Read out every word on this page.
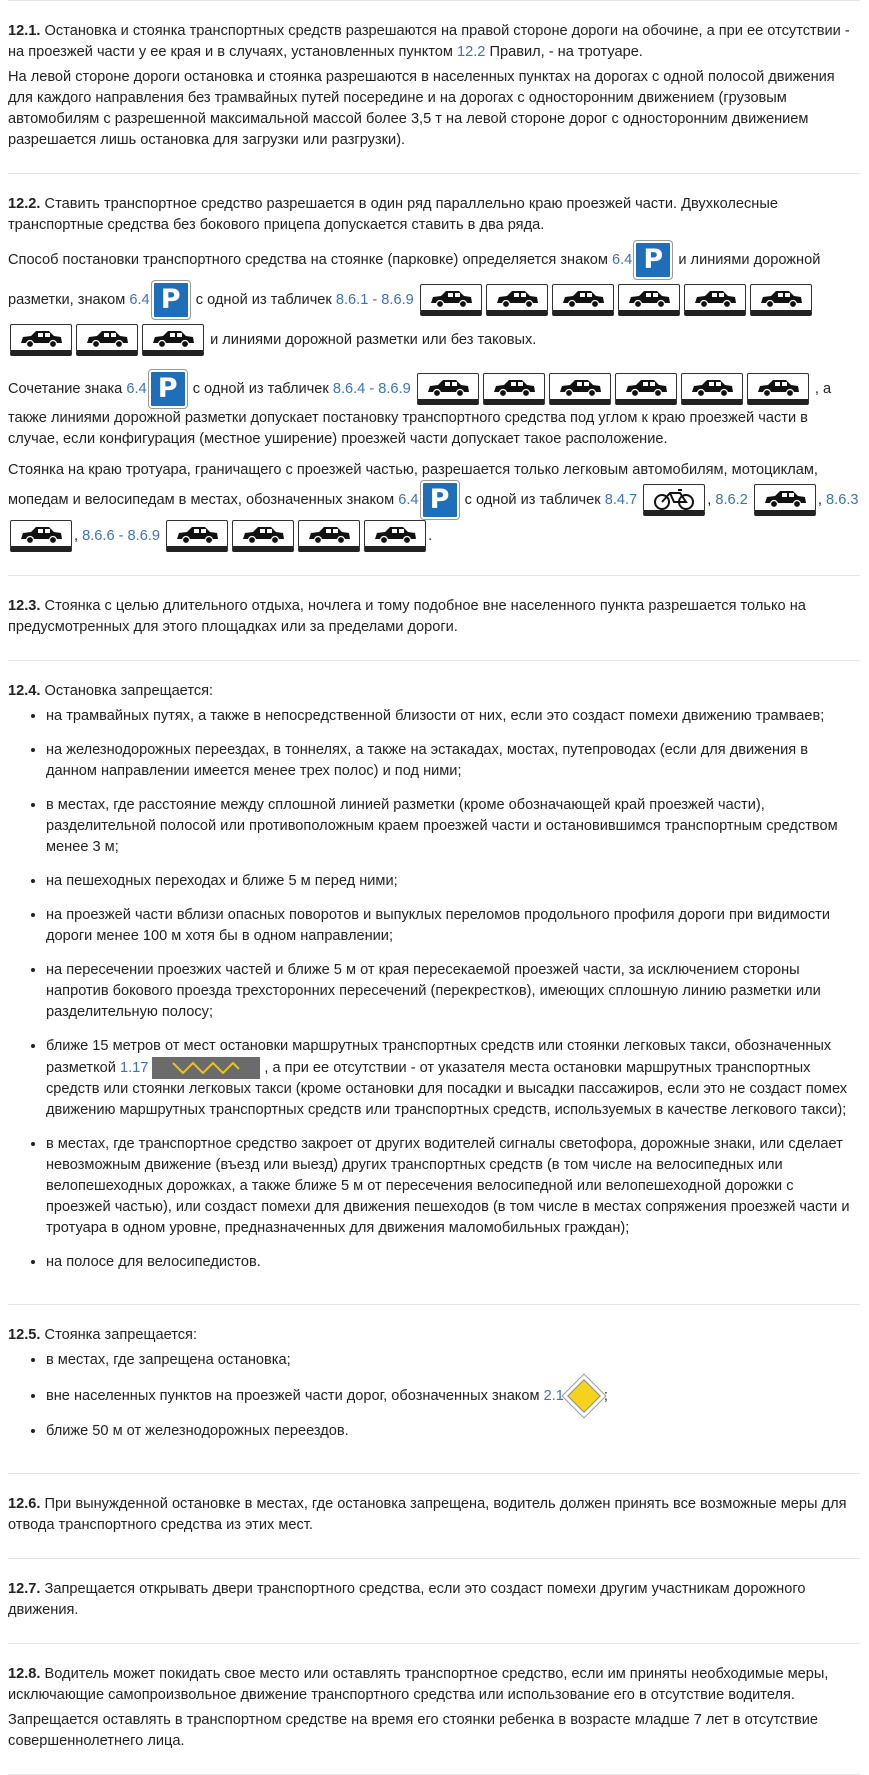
12.1. Остановка и стоянка транспортных средств разрешаются на правой стороне дороги на обочине, а при ее отсутствии - на проезжей части у ее края и в случаях, установленных пунктом 12.2 Правил, - на тротуаре.

На левой стороне дороги остановка и стоянка разрешаются в населенных пунктах на дорогах с одной полосой движения для каждого направления без трамвайных путей посередине и на дорогах с односторонним движением (грузовым автомобилям с разрешенной максимальной массой более 3,5 т на левой стороне дорог с односторонним движением разрешается лишь остановка для загрузки или разгрузки).

12.2. Ставить транспортное средство разрешается в один ряд параллельно краю проезжей части. Двухколесные транспортные средства без бокового прицепа допускается ставить в два ряда.

Способ постановки транспортного средства на стоянке (парковке) определяется знаком 6.4 P и линиями дорожной разметки, знаком 6.4 P с одной из табличек 8.6.1 - 8.6.9
и линиями дорожной разметки или без таковых.

Сочетание знака 6.4 P с одной из табличек 8.6.4 - 8.6.9	, а также линиями дорожной разметки допускает постановку транспортного средства под углом к краю проезжей части в случае, если конфигурация (местное уширение) проезжей части допускает такое расположение.

Стоянка на краю тротуара, граничащего с проезжей частью, разрешается только легковым автомобилям, мотоциклам, мопедам и велосипедам в местах, обозначенных знаком 6.4 P с одной из табличек 8.4.7	, 8.6.2	, 8.6.3
, 8.6.6 - 8.6.9	.

12.3. Стоянка с целью длительного отдыха, ночлега и тому подобное вне населенного пункта разрешается только на предусмотренных для этого площадках или за пределами дороги.

12.4. Остановка запрещается:

• на трамвайных путях, а также в непосредственной близости от них, если это создаст помехи движению трамваев;
• на железнодорожных переездах, в тоннелях, а также на эстакадах, мостах, путепроводах (если для движения в данном направлении имеется менее трех полос) и под ними;
• в местах, где расстояние между сплошной линией разметки (кроме обозначающей край проезжей части), разделительной полосой или противоположным краем проезжей части и остановившимся транспортным средством менее 3 м;
• на пешеходных переходах и ближе 5 м перед ними;
• на проезжей части вблизи опасных поворотов и выпуклых переломов продольного профиля дороги при видимости дороги менее 100 м хотя бы в одном направлении;
• на пересечении проезжих частей и ближе 5 м от края пересекаемой проезжей части, за исключением стороны напротив бокового проезда трехсторонних пересечений (перекрестков), имеющих сплошную линию разметки или разделительную полосу;
• ближе 15 метров от мест остановки маршрутных транспортных средств или стоянки легковых такси, обозначенных разметкой 1.17	, а при ее отсутствии - от указателя места остановки маршрутных транспортных средств или стоянки легковых такси (кроме остановки для посадки и высадки пассажиров, если это не создаст помех движению маршрутных транспортных средств или транспортных средств, используемых в качестве легкового такси);
• в местах, где транспортное средство закроет от других водителей сигналы светофора, дорожные знаки, или сделает невозможным движение (въезд или выезд) других транспортных средств (в том числе на велосипедных или велопешеходных дорожках, а также ближе 5 м от пересечения велосипедной или велопешеходной дорожки с проезжей частью), или создаст помехи для движения пешеходов (в том числе в местах сопряжения проезжей части и тротуара в одном уровне, предназначенных для движения маломобильных граждан);
• на полосе для велосипедистов.

12.5. Стоянка запрещается:

• в местах, где запрещена остановка;
• вне населенных пунктов на проезжей части дорог, обозначенных знаком 2.1	;
• ближе 50 м от железнодорожных переездов.

12.6. При вынужденной остановке в местах, где остановка запрещена, водитель должен принять все возможные меры для отвода транспортного средства из этих мест.

12.7. Запрещается открывать двери транспортного средства, если это создаст помехи другим участникам дорожного движения.

12.8. Водитель может покидать свое место или оставлять транспортное средство, если им приняты необходимые меры, исключающие самопроизвольное движение транспортного средства или использование его в отсутствие водителя.

Запрещается оставлять в транспортном средстве на время его стоянки ребенка в возрасте младше 7 лет в отсутствие совершеннолетнего лица.
